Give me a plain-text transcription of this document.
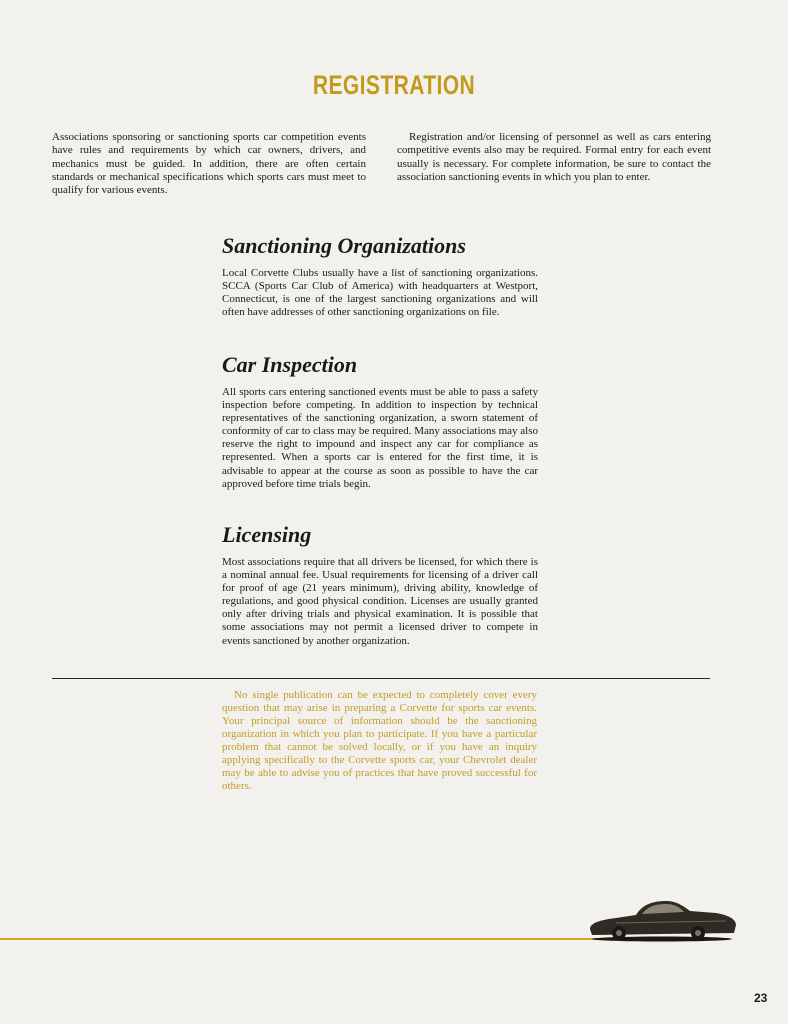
REGISTRATION
Associations sponsoring or sanctioning sports car competition events have rules and requirements by which car owners, drivers, and mechanics must be guided. In addition, there are often certain standards or mechanical specifications which sports cars must meet to qualify for various events.
Registration and/or licensing of personnel as well as cars entering competitive events also may be required. Formal entry for each event usually is necessary. For complete information, be sure to contact the association sanctioning events in which you plan to enter.
Sanctioning Organizations

Local Corvette Clubs usually have a list of sanctioning organizations. SCCA (Sports Car Club of America) with headquarters at Westport, Connecticut, is one of the largest sanctioning organizations and will often have addresses of other sanctioning organizations on file.

Car Inspection

All sports cars entering sanctioned events must be able to pass a safety inspection before competing. In addition to inspection by technical representatives of the sanctioning organization, a sworn statement of conformity of car to class may be required. Many associations may also reserve the right to impound and inspect any car for compliance as represented. When a sports car is entered for the first time, it is advisable to appear at the course as soon as possible to have the car approved before time trials begin.

Licensing

Most associations require that all drivers be licensed, for which there is a nominal annual fee. Usual requirements for licensing of a driver call for proof of age (21 years minimum), driving ability, knowledge of regulations, and good physical condition. Licenses are usually granted only after driving trials and physical examination. It is possible that some associations may not permit a licensed driver to compete in events sanctioned by another organization.

No single publication can be expected to completely cover every question that may arise in preparing a Corvette for sports car events. Your principal source of information should be the sanctioning organization in which you plan to participate. If you have a particular problem that cannot be solved locally, or if you have an inquiry applying specifically to the Corvette sports car, your Chevrolet dealer may be able to advise you of practices that have proved successful for others.
23
